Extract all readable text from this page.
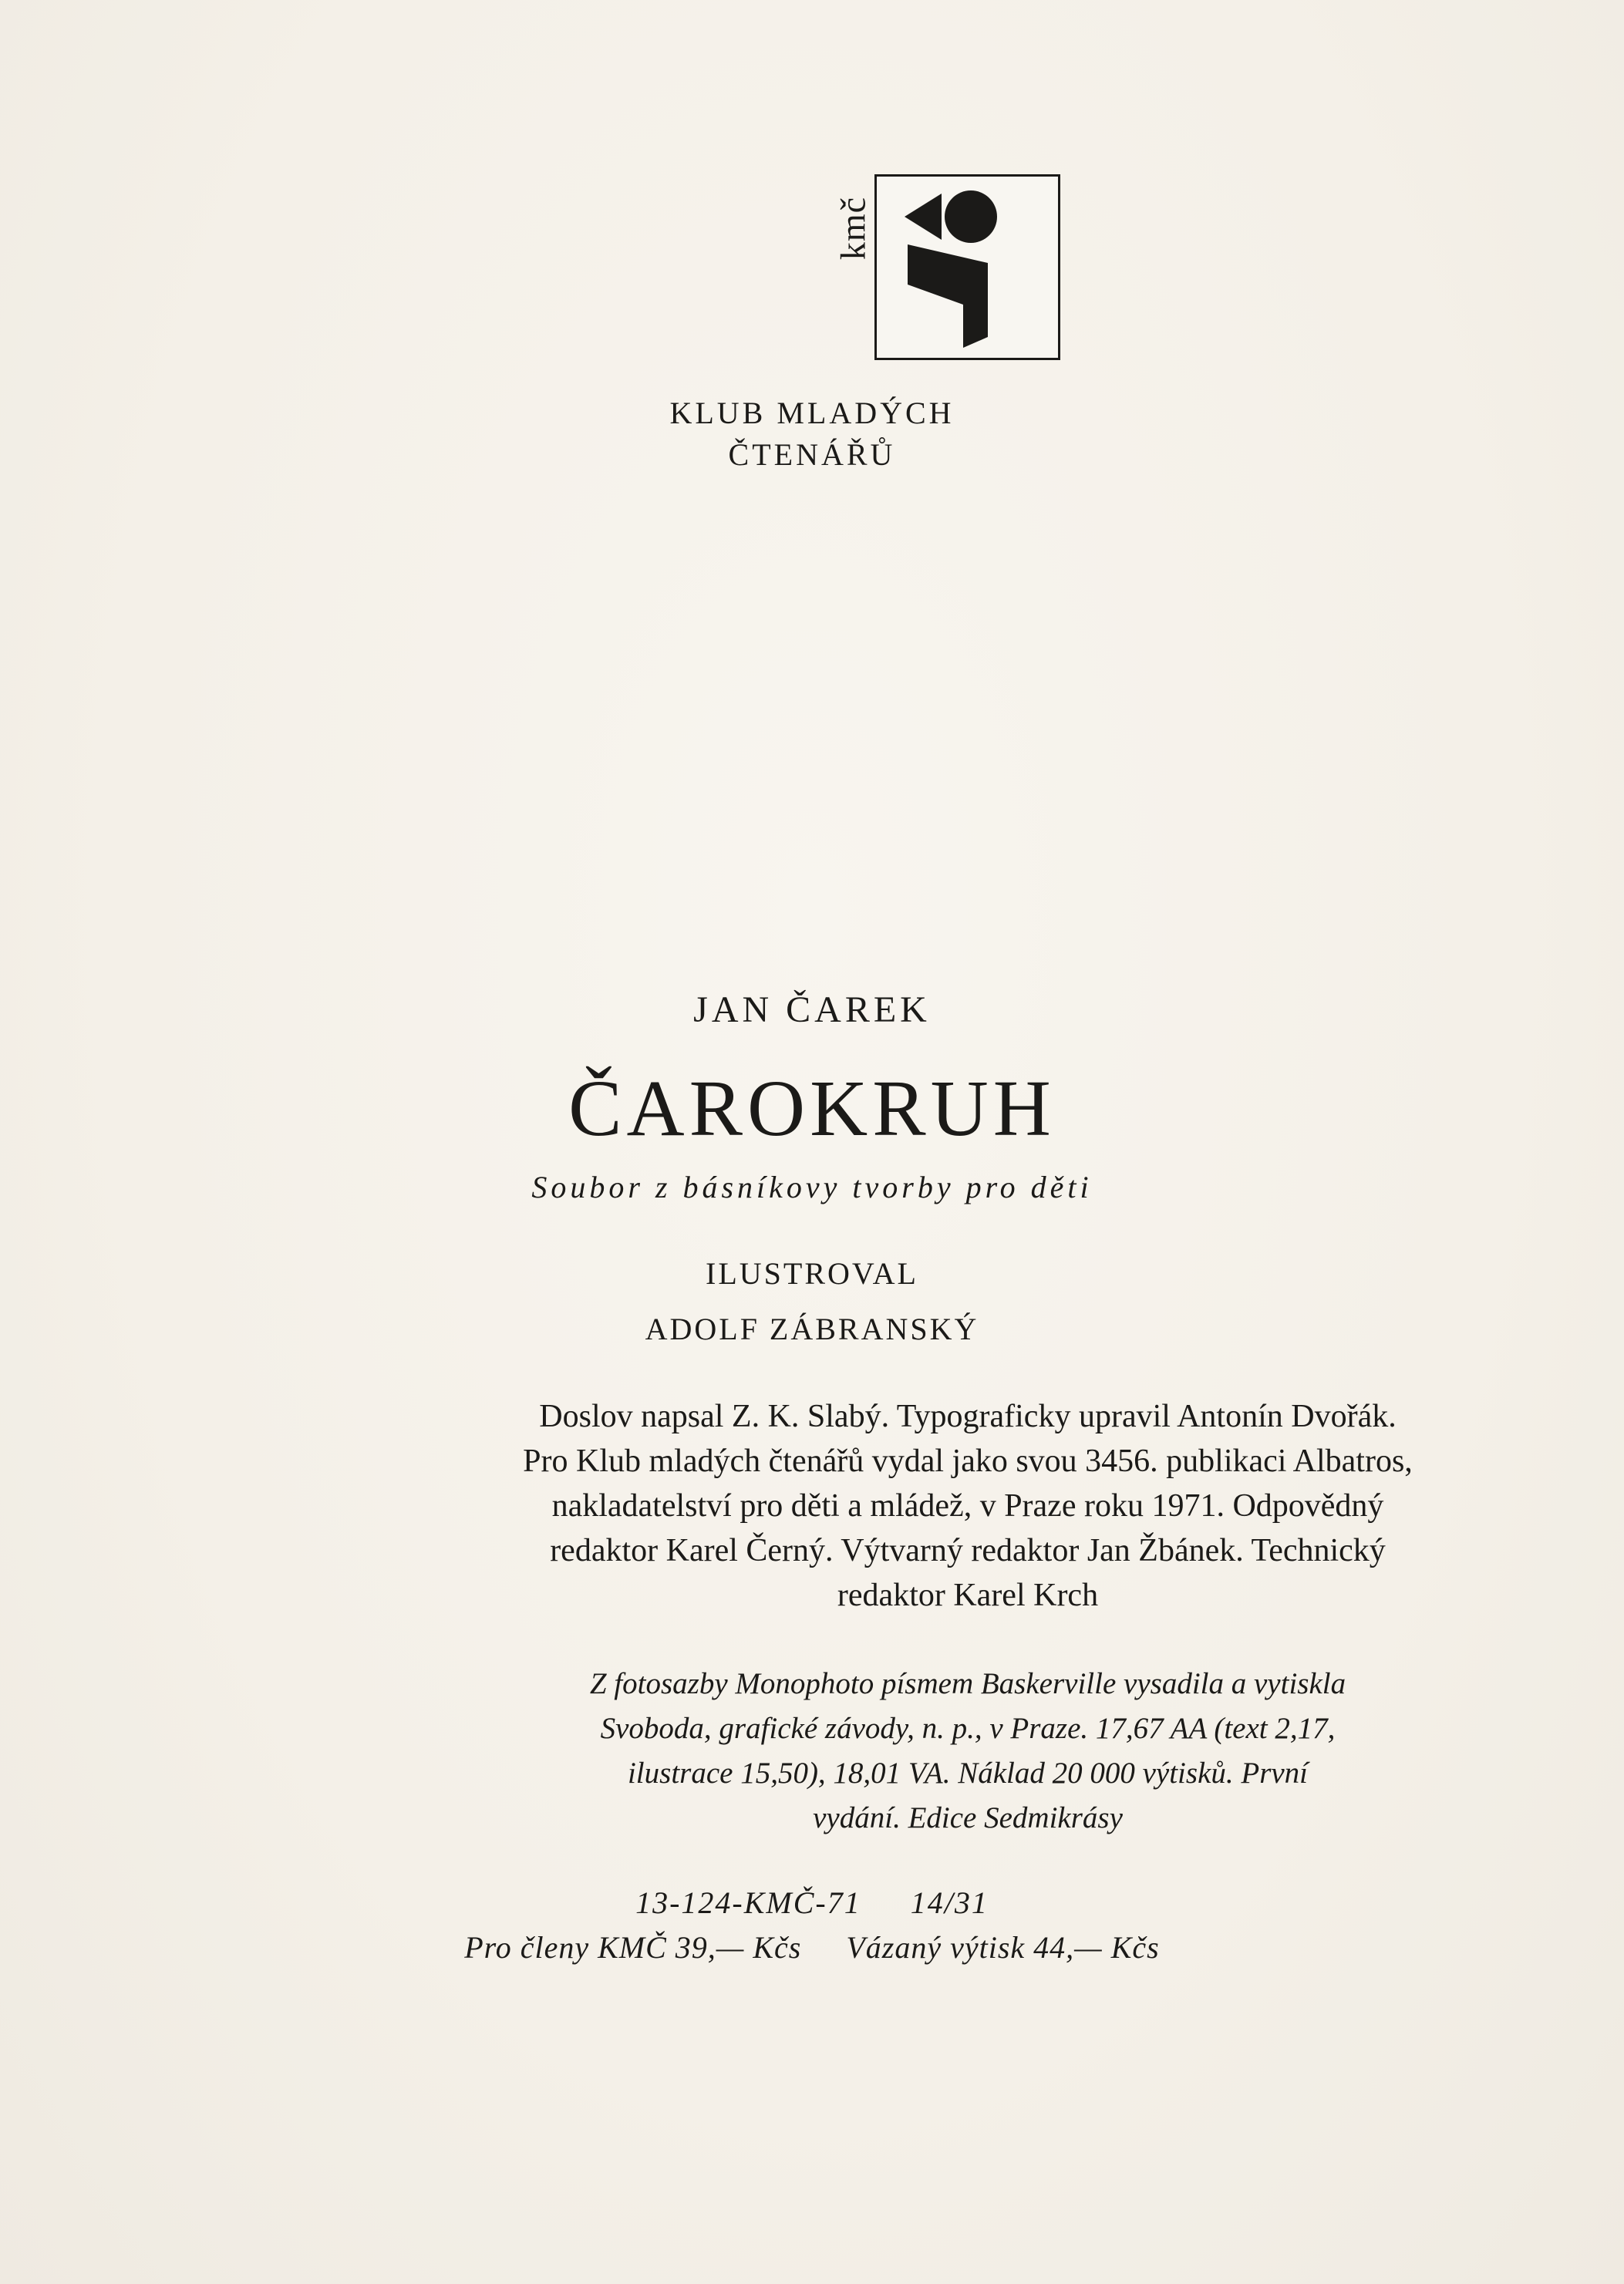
kmč
KLUB MLADÝCH
ČTENÁŘŮ
JAN ČAREK
ČAROKRUH
Soubor z básníkovy tvorby pro děti
ILUSTROVAL
ADOLF ZÁBRANSKÝ
Doslov napsal Z. K. Slabý. Typograficky upravil Antonín Dvořák.
Pro Klub mladých čtenářů vydal jako svou 3456. publikaci Albatros,
nakladatelství pro děti a mládež, v Praze roku 1971. Odpovědný
redaktor Karel Černý. Výtvarný redaktor Jan Žbánek. Technický
redaktor Karel Krch
Z fotosazby Monophoto písmem Baskerville vysadila a vytiskla
Svoboda, grafické závody, n. p., v Praze. 17,67 AA (text 2,17,
ilustrace 15,50), 18,01 VA. Náklad 20 000 výtisků. První
vydání. Edice Sedmikrásy
13-124-KMČ-71 14/31
Pro členy KMČ 39,— Kčs Vázaný výtisk 44,— Kčs
